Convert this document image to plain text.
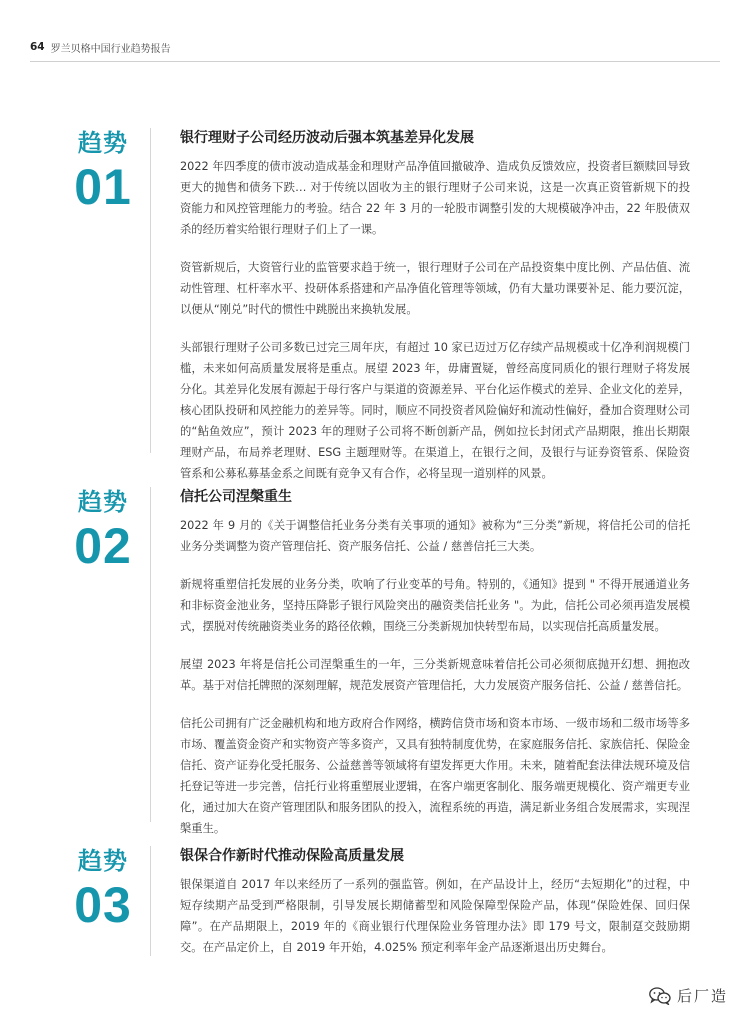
64 罗兰贝格中国行业趋势报告
趋势
01
银行理财子公司经历波动后强本筑基差异化发展

2022 年四季度的债市波动造成基金和理财产品净值回撤破净、造成负反馈效应，投资者巨额赎回导致更大的抛售和债务下跌… 对于传统以固收为主的银行理财子公司来说，这是一次真正资管新规下的投资能力和风控管理能力的考验。结合 22 年 3 月的一轮股市调整引发的大规模破净冲击，22 年股债双杀的经历着实给银行理财子们上了一课。

资管新规后，大资管行业的监管要求趋于统一，银行理财子公司在产品投资集中度比例、产品估值、流动性管理、杠杆率水平、投研体系搭建和产品净值化管理等领域，仍有大量功课要补足、能力要沉淀，以便从“刚兑”时代的惯性中跳脱出来换轨发展。

头部银行理财子公司多数已过完三周年庆，有超过 10 家已迈过万亿存续产品规模或十亿净利润规模门槛，未来如何高质量发展将是重点。展望 2023 年，毋庸置疑，曾经高度同质化的银行理财子将发展分化。其差异化发展有源起于母行客户与渠道的资源差异、平台化运作模式的差异、企业文化的差异，核心团队投研和风控能力的差异等。同时，顺应不同投资者风险偏好和流动性偏好，叠加合资理财公司的“鲇鱼效应”，预计 2023 年的理财子公司将不断创新产品，例如拉长封闭式产品期限，推出长期限理财产品，布局养老理财、ESG 主题理财等。在渠道上，在银行之间，及银行与证券资管系、保险资管系和公募私募基金系之间既有竞争又有合作，必将呈现一道别样的风景。

趋势
02
信托公司涅槃重生

2022 年 9 月的《关于调整信托业务分类有关事项的通知》被称为“三分类”新规，将信托公司的信托业务分类调整为资产管理信托、资产服务信托、公益 / 慈善信托三大类。

新规将重塑信托发展的业务分类，吹响了行业变革的号角。特别的，《通知》提到 " 不得开展通道业务和非标资金池业务，坚持压降影子银行风险突出的融资类信托业务 "。为此，信托公司必须再造发展模式，摆脱对传统融资类业务的路径依赖，围绕三分类新规加快转型布局，以实现信托高质量发展。

展望 2023 年将是信托公司涅槃重生的一年，三分类新规意味着信托公司必须彻底抛开幻想、拥抱改革。基于对信托牌照的深刻理解，规范发展资产管理信托，大力发展资产服务信托、公益 / 慈善信托。

信托公司拥有广泛金融机构和地方政府合作网络，横跨信贷市场和资本市场、一级市场和二级市场等多市场、覆盖资金资产和实物资产等多资产，又具有独特制度优势，在家庭服务信托、家族信托、保险金信托、资产证券化受托服务、公益慈善等领域将有望发挥更大作用。未来，随着配套法律法规环境及信托登记等进一步完善，信托行业将重塑展业逻辑，在客户端更客制化、服务端更规模化、资产端更专业化，通过加大在资产管理团队和服务团队的投入，流程系统的再造，满足新业务组合发展需求，实现涅槃重生。

趋势
03
银保合作新时代推动保险高质量发展

银保渠道自 2017 年以来经历了一系列的强监管。例如，在产品设计上，经历“去短期化”的过程，中短存续期产品受到严格限制，引导发展长期储蓄型和风险保障型保险产品，体现“保险姓保、回归保障”。在产品期限上，2019 年的《商业银行代理保险业务管理办法》即 179 号文，限制趸交鼓励期交。在产品定价上，自 2019 年开始，4.025% 预定利率年金产品逐渐退出历史舞台。

后厂造
